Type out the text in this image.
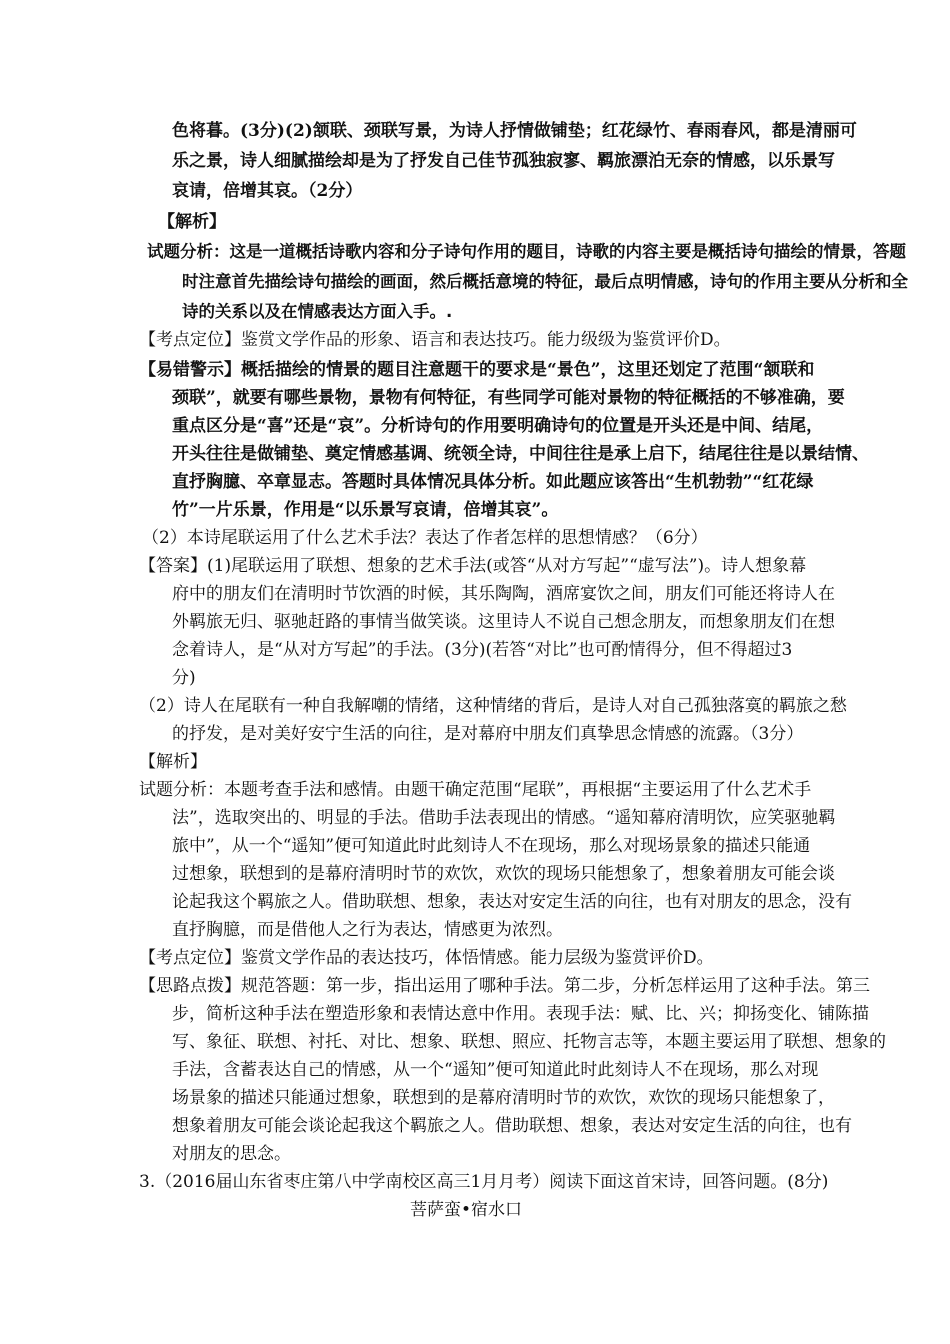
色将暮。(3分)(2)颔联、颈联写景，为诗人抒情做铺垫；红花绿竹、春雨春风，都是清丽可
乐之景，诗人细腻描绘却是为了抒发自己佳节孤独寂寥、羁旅漂泊无奈的情感，以乐景写
哀请，倍增其哀。（2分）
【解析】
试题分析：这是一道概括诗歌内容和分子诗句作用的题目，诗歌的内容主要是概括诗句描绘的情景，答题
时注意首先描绘诗句描绘的画面，然后概括意境的特征，最后点明情感，诗句的作用主要从分析和全
诗的关系以及在情感表达方面入手。.
【考点定位】鉴赏文学作品的形象、语言和表达技巧。能力级级为鉴赏评价D。
【易错警示】概括描绘的情景的题目注意题干的要求是“景色”，这里还划定了范围“颔联和
颈联”，就要有哪些景物，景物有何特征，有些同学可能对景物的特征概括的不够准确，要
重点区分是“喜”还是“哀”。分析诗句的作用要明确诗句的位置是开头还是中间、结尾，
开头往往是做铺垫、奠定情感基调、统领全诗，中间往往是承上启下，结尾往往是以景结情、
直抒胸臆、卒章显志。答题时具体情况具体分析。如此题应该答出“生机勃勃”“红花绿
竹”一片乐景，作用是“以乐景写哀请，倍增其哀”。
（2）本诗尾联运用了什么艺术手法？表达了作者怎样的思想情感？（6分）
【答案】(1)尾联运用了联想、想象的艺术手法(或答“从对方写起”“虚写法”)。诗人想象幕
府中的朋友们在清明时节饮酒的时候，其乐陶陶，酒席宴饮之间，朋友们可能还将诗人在
外羁旅无归、驱驰赶路的事情当做笑谈。这里诗人不说自己想念朋友，而想象朋友们在想
念着诗人，是“从对方写起”的手法。(3分)(若答“对比”也可酌情得分，但不得超过3
分)
（2）诗人在尾联有一种自我解嘲的情绪，这种情绪的背后，是诗人对自己孤独落寞的羁旅之愁
的抒发，是对美好安宁生活的向往，是对幕府中朋友们真挚思念情感的流露。（3分）
【解析】
试题分析：本题考查手法和感情。由题干确定范围“尾联”，再根据“主要运用了什么艺术手
法”，选取突出的、明显的手法。借助手法表现出的情感。“遥知幕府清明饮，应笑驱驰羁
旅中”，从一个“遥知”便可知道此时此刻诗人不在现场，那么对现场景象的描述只能通
过想象，联想到的是幕府清明时节的欢饮，欢饮的现场只能想象了，想象着朋友可能会谈
论起我这个羁旅之人。借助联想、想象，表达对安定生活的向往，也有对朋友的思念，没有
直抒胸臆，而是借他人之行为表达，情感更为浓烈。
【考点定位】鉴赏文学作品的表达技巧，体悟情感。能力层级为鉴赏评价D。
【思路点拨】规范答题：第一步，指出运用了哪种手法。第二步，分析怎样运用了这种手法。第三
步，简析这种手法在塑造形象和表情达意中作用。表现手法：赋、比、兴；抑扬变化、铺陈描
写、象征、联想、衬托、对比、想象、联想、照应、托物言志等，本题主要运用了联想、想象的
手法，含蓄表达自己的情感，从一个“遥知”便可知道此时此刻诗人不在现场，那么对现
场景象的描述只能通过想象，联想到的是幕府清明时节的欢饮，欢饮的现场只能想象了，
想象着朋友可能会谈论起我这个羁旅之人。借助联想、想象，表达对安定生活的向往，也有
对朋友的思念。
3.（2016届山东省枣庄第八中学南校区高三1月月考）阅读下面这首宋诗，回答问题。(8分)
菩萨蛮•宿水口
